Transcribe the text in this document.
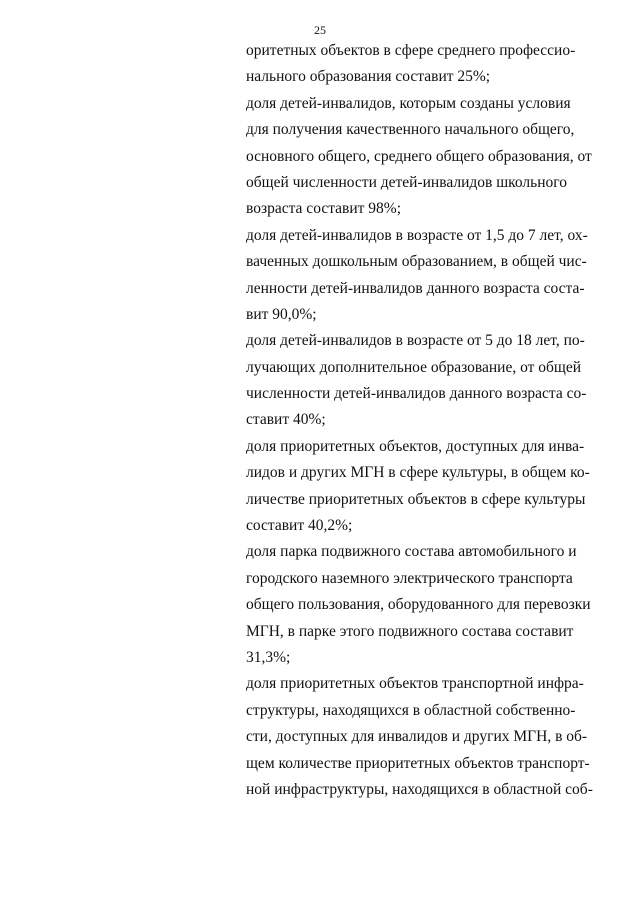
25
оритетных объектов в сфере среднего профессио-
нального образования составит 25%;
доля детей-инвалидов, которым созданы условия
для получения качественного начального общего,
основного общего, среднего общего образования, от
общей численности детей-инвалидов школьного
возраста составит 98%;
доля детей-инвалидов в возрасте от 1,5 до 7 лет, ох-
ваченных дошкольным образованием, в общей чис-
ленности детей-инвалидов данного возраста соста-
вит 90,0%;
доля детей-инвалидов в возрасте от 5 до 18 лет, по-
лучающих дополнительное образование, от общей
численности детей-инвалидов данного возраста со-
ставит 40%;
доля приоритетных объектов, доступных для инва-
лидов и других МГН в сфере культуры, в общем ко-
личестве приоритетных объектов в сфере культуры
составит 40,2%;
доля парка подвижного состава автомобильного и
городского наземного электрического транспорта
общего пользования, оборудованного для перевозки
МГН, в парке этого подвижного состава составит
31,3%;
доля приоритетных объектов транспортной инфра-
структуры, находящихся в областной собственно-
сти, доступных для инвалидов и других МГН, в об-
щем количестве приоритетных объектов транспорт-
ной инфраструктуры, находящихся в областной соб-
